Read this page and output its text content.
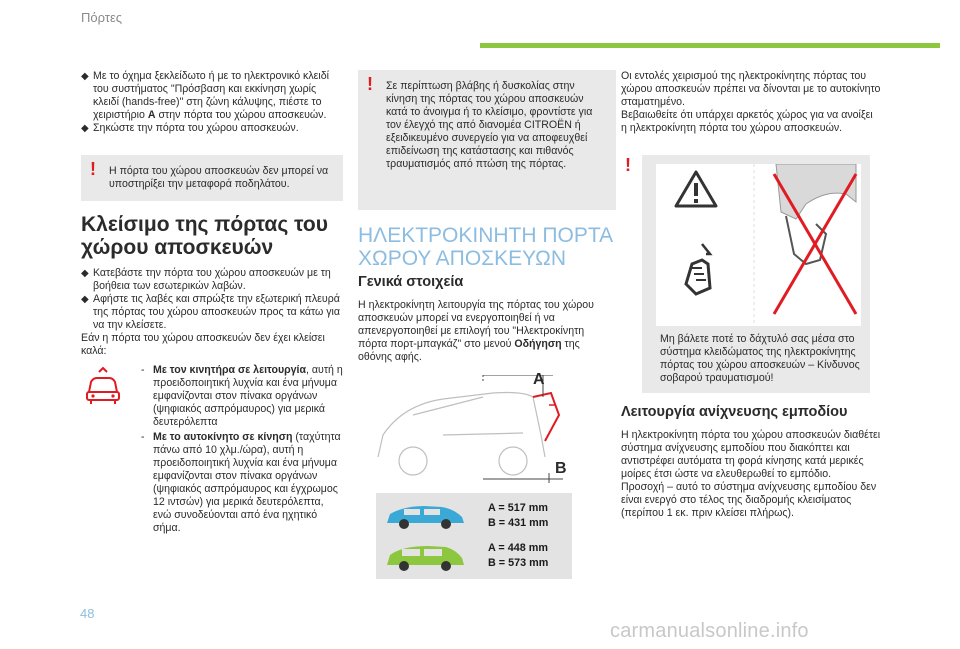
Πόρτες
◆ Με το όχημα ξεκλείδωτο ή με το ηλεκτρονικό κλειδί του συστήματος "Πρόσβαση και εκκίνηση χωρίς κλειδί (hands-free)" στη ζώνη κάλυψης, πιέστε το χειριστήριο A στην πόρτα του χώρου αποσκευών.
◆ Σηκώστε την πόρτα του χώρου αποσκευών.
! Η πόρτα του χώρου αποσκευών δεν μπορεί να υποστηρίξει την μεταφορά ποδηλάτου.
Κλείσιμο της πόρτας του χώρου αποσκευών
◆ Κατεβάστε την πόρτα του χώρου αποσκευών με τη βοήθεια των εσωτερικών λαβών.
◆ Αφήστε τις λαβές και σπρώξτε την εξωτερική πλευρά της πόρτας του χώρου αποσκευών προς τα κάτω για να την κλείσετε.
Εάν η πόρτα του χώρου αποσκευών δεν έχει κλείσει καλά:
- Με τον κινητήρα σε λειτουργία, αυτή η προειδοποιητική λυχνία και ένα μήνυμα εμφανίζονται στον πίνακα οργάνων (ψηφιακός ασπρόμαυρος) για μερικά δευτερόλεπτα
- Με το αυτοκίνητο σε κίνηση (ταχύτητα πάνω από 10 χλμ./ώρα), αυτή η προειδοποιητική λυχνία και ένα μήνυμα εμφανίζονται στον πίνακα οργάνων (ψηφιακός ασπρόμαυρος και έγχρωμος 12 ιντσών) για μερικά δευτερόλεπτα, ενώ συνοδεύονται από ένα ηχητικό σήμα.
! Σε περίπτωση βλάβης ή δυσκολίας στην κίνηση της πόρτας του χώρου αποσκευών κατά το άνοιγμα ή το κλείσιμο, φροντίστε για τον έλεγχό της από διανομέα CITROËN ή εξειδικευμένο συνεργείο για να αποφευχθεί επιδείνωση της κατάστασης και πιθανός τραυματισμός από πτώση της πόρτας.
ΗΛΕΚΤΡΟΚΙΝΗΤΗ ΠΟΡΤΑ ΧΩΡΟΥ ΑΠΟΣΚΕΥΩΝ
Γενικά στοιχεία
Η ηλεκτροκίνητη λειτουργία της πόρτας του χώρου αποσκευών μπορεί να ενεργοποιηθεί ή να απενεργοποιηθεί με επιλογή του "Ηλεκτροκίνητη πόρτα πορτ-μπαγκάζ" στο μενού Οδήγηση της οθόνης αφής.
A
B
A = 517 mm
B = 431 mm
A = 448 mm
B = 573 mm
Οι εντολές χειρισμού της ηλεκτροκίνητης πόρτας του χώρου αποσκευών πρέπει να δίνονται με το αυτοκίνητο σταματημένο.
Βεβαιωθείτε ότι υπάρχει αρκετός χώρος για να ανοίξει η ηλεκτροκίνητη πόρτα του χώρου αποσκευών.
!
Μη βάλετε ποτέ το δάχτυλό σας μέσα στο σύστημα κλειδώματος της ηλεκτροκίνητης πόρτας του χώρου αποσκευών – Κίνδυνος σοβαρού τραυματισμού!
Λειτουργία ανίχνευσης εμποδίου
Η ηλεκτροκίνητη πόρτα του χώρου αποσκευών διαθέτει σύστημα ανίχνευσης εμποδίου που διακόπτει και αντιστρέφει αυτόματα τη φορά κίνησης κατά μερικές μοίρες έτσι ώστε να ελευθερωθεί το εμπόδιο.
Προσοχή – αυτό το σύστημα ανίχνευσης εμποδίου δεν είναι ενεργό στο τέλος της διαδρομής κλεισίματος (περίπου 1 εκ. πριν κλείσει πλήρως).
48
carmanualsonline.info
